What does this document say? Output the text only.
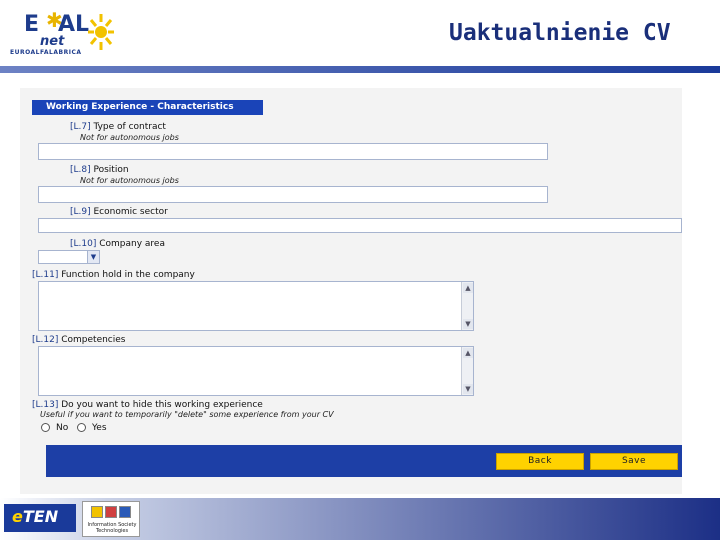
E ✱
AL
net
EUROALFALABRICA
Uaktualnienie CV
Working Experience - Characteristics
[L.7] Type of contract
Not for autonomous jobs
[L.8] Position
Not for autonomous jobs
[L.9] Economic sector
[L.10] Company area
▼
[L.11] Function hold in the company
▲
▼
[L.12] Competencies
▲
▼
[L.13] Do you want to hide this working experience
Useful if you want to temporarily "delete" some experience from your CV
No	Yes
Back	Save
eTEN	Information Society Technologies
